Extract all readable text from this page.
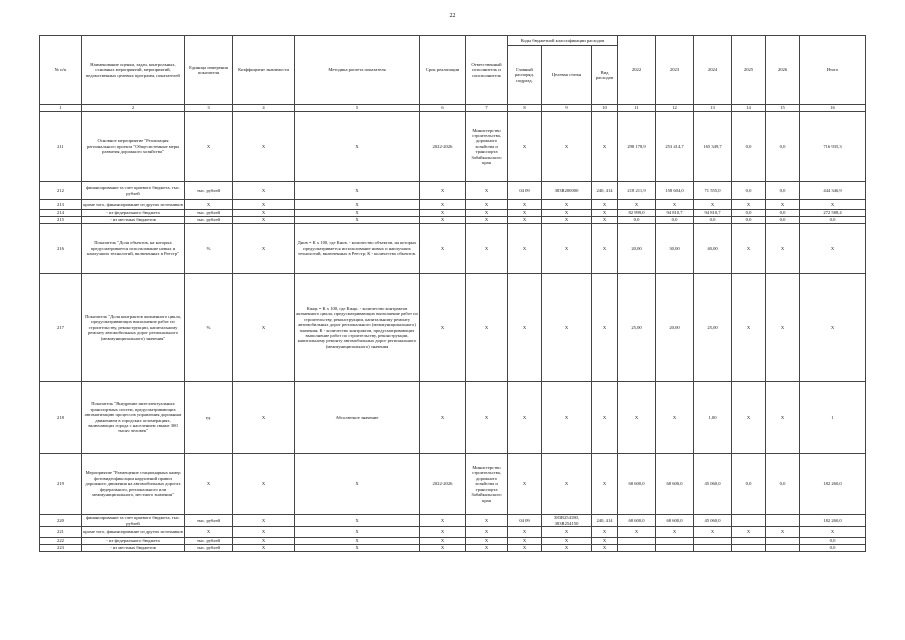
22
№ п/п	Наименование оценки, задач, контрольных, основных мероприятий, мероприятий, ведомственных целевых программ, показателей	Единица измерения показателя	Коэффициент значимости	Методика расчета показателя	Срок реализации	Ответственный исполнитель и соисполнитель	Коды бюджетной классификации расходов			2022	2023	2024	2025	2026	Итого
							Главный распоряд. подразд.	Целевая статья	Вид расходов						
1	2	3	4	5	6	7	8	9	10	11	12	13	14	15	16
211	Основное мероприятие "Реализация регионального проекта "Общесистемные меры развития дорожного хозяйства"	Х	Х	Х	2022-2026	Министерство строительства, дорожного хозяйства и транспорта Забайкальского края	Х	Х	Х	298 178,9	253 414,7	165 349,7	0,0	0,0	716 935,3
212	финансирование за счет краевого бюджета, тыс. рублей	тыс. рублей	Х	Х	Х	Х	04 09	383R200000	240, 414	218 211,9	158 604,0	71 555,0	0,0	0,0	444 346,9
213	кроме того, финансирование из других источников	Х	Х	Х	Х	Х	Х	Х	Х	Х	Х	Х	Х	Х	Х
214	- из федерального бюджета	тыс. рублей	Х	Х	Х	Х	Х	Х	Х	82 999,0	94 810,7	94 810,7	0,0	0,0	272 588,4
215	- из местных бюджетов	тыс. рублей	Х	Х	Х	Х	Х	Х	Х	0,0	0,0	0,0	0,0	0,0	0,0
216	Показатель "Доля объектов, на которых предусматривается использование новых и наилучших технологий, включенных в Реестр"	%	Х	Днов = К х 100, где Кнов. - количество объектов, на которых предусматривается использование новых и наилучших технологий, включенных в Реестр; К - количество объектов.	Х	Х	Х	Х	Х	20,00	30,00	40,00	Х	Х	Х
217	Показатель "Доля контрактов жизненного цикла, предусматривающих выполнение работ по строительству, реконструкции, капитальному ремонту автомобильных дорог регионального (межмуниципального) значения"	%	Х	Кжцк = К х 100, где Кжцк. - количество контрактов жизненного цикла, предусматривающих выполнение работ по строительству, реконструкции, капитальному ремонту автомобильных дорог регионального (межмуниципального) значения; К - количество контрактов, предусматривающих выполнение работ по строительству, реконструкции, капитальному ремонту автомобильных дорог регионального (межмуниципального) значения	Х	Х	Х	Х	Х	25,00	20,00	25,00	Х	Х	Х
218	Показатель "Внедрение интеллектуальных транспортных систем, предусматривающих автоматизацию процессов управления дорожным движением в городских агломерациях, включающих города с населением свыше 300 тысяч человек"	ед.	Х	Абсолютное значение	Х	Х	Х	Х	Х	Х	Х	1,00	Х	Х	1
219	Мероприятие "Размещение стационарных камер фотовидеофиксации нарушений правил дорожного движения на автомобильных дорогах федерального, регионального или межмуниципального, местного значения"	Х	Х	Х	2022-2026	Министерство строительства, дорожного хозяйства и транспорта Забайкальского края	Х	Х	Х	68 600,0	68 600,0	45 060,0	0,0	0,0	182 260,0
220	финансирование за счет краевого бюджета, тыс. рублей	тыс. рублей	Х	Х	Х	Х	04 09	383R254180, 383R254150	240, 414	68 600,0	68 600,0	45 060,0			182 260,0
221	кроме того, финансирование из других источников	Х	Х	Х	Х	Х	Х	Х	Х	Х	Х	Х	Х	Х	Х
222	- из федерального бюджета	тыс. рублей	Х	Х	Х	Х	Х	Х	Х						0,0
223	- из местных бюджетов	тыс. рублей	Х	Х	Х	Х	Х	Х	Х						0,0
